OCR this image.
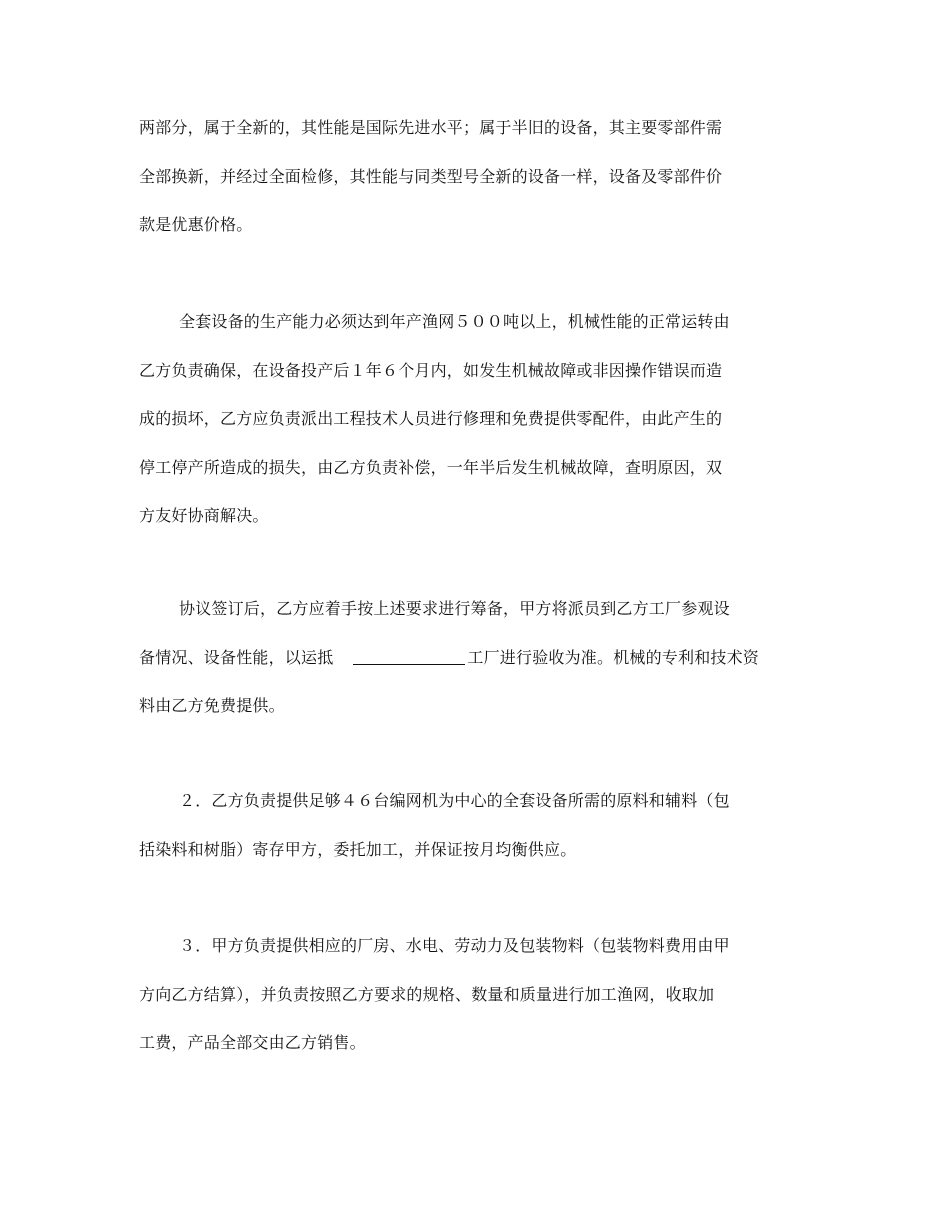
两部分，属于全新的，其性能是国际先进水平；属于半旧的设备，其主要零部件需
全部换新，并经过全面检修，其性能与同类型号全新的设备一样，设备及零部件价
款是优惠价格。

全套设备的生产能力必须达到年产渔网５００吨以上，机械性能的正常运转由
乙方负责确保，在设备投产后１年６个月内，如发生机械故障或非因操作错误而造
成的损坏，乙方应负责派出工程技术人员进行修理和免费提供零配件，由此产生的
停工停产所造成的损失，由乙方负责补偿，一年半后发生机械故障，查明原因，双
方友好协商解决。

协议签订后，乙方应着手按上述要求进行筹备，甲方将派员到乙方工厂参观设
备情况、设备性能，以运抵	工厂进行验收为准。机械的专利和技术资
料由乙方免费提供。

２．乙方负责提供足够４６台编网机为中心的全套设备所需的原料和辅料（包
括染料和树脂）寄存甲方，委托加工，并保证按月均衡供应。

３．甲方负责提供相应的厂房、水电、劳动力及包装物料（包装物料费用由甲
方向乙方结算），并负责按照乙方要求的规格、数量和质量进行加工渔网，收取加
工费，产品全部交由乙方销售。
